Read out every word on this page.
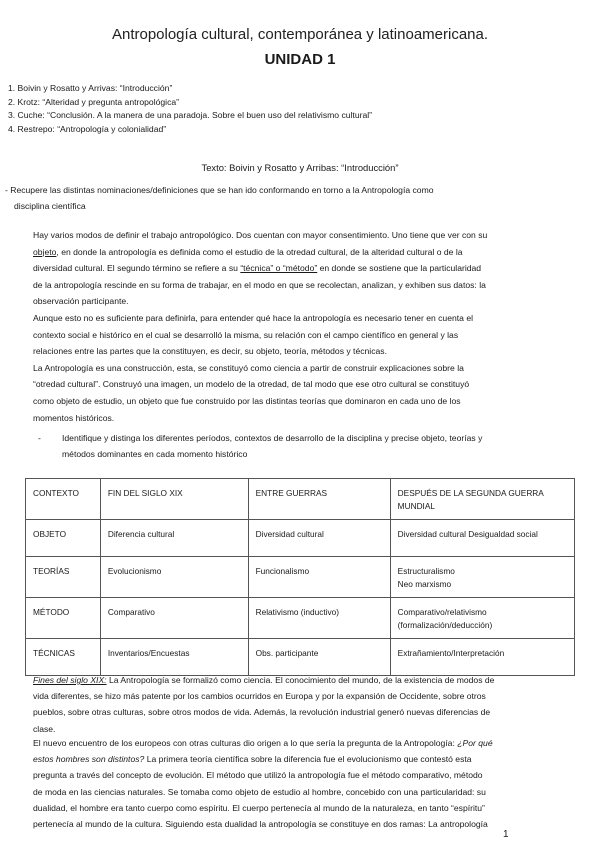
Antropología cultural, contemporánea y latinoamericana.
UNIDAD 1
1. Boivin y Rosatto y Arrivas: “Introducción”
2. Krotz: “Alteridad y pregunta antropológica”
3. Cuche: “Conclusión. A la manera de una paradoja. Sobre el buen uso del relativismo cultural”
4. Restrepo: “Antropología y colonialidad”
Texto: Boivin y Rosatto y Arribas: “Introducción”
- Recupere las distintas nominaciones/definiciones que se han ido conformando en torno a la Antropología como
disciplina científica
Hay varios modos de definir el trabajo antropológico. Dos cuentan con mayor consentimiento. Uno tiene que ver con su
objeto, en donde la antropología es definida como el estudio de la otredad cultural, de la alteridad cultural o de la
diversidad cultural. El segundo término se refiere a su “técnica” o “método” en donde se sostiene que la particularidad
de la antropología rescinde en su forma de trabajar, en el modo en que se recolectan, analizan, y exhiben sus datos: la
observación participante.
Aunque esto no es suficiente para definirla, para entender qué hace la antropología es necesario tener en cuenta el
contexto social e histórico en el cual se desarrolló la misma, su relación con el campo científico en general y las
relaciones entre las partes que la constituyen, es decir, su objeto, teoría, métodos y técnicas.
La Antropología es una construcción, esta, se constituyó como ciencia a partir de construir explicaciones sobre la
“otredad cultural”. Construyó una imagen, un modelo de la otredad, de tal modo que ese otro cultural se constituyó
como objeto de estudio, un objeto que fue construido por las distintas teorías que dominaron en cada uno de los
momentos históricos.
- Identifique y distinga los diferentes períodos, contextos de desarrollo de la disciplina y precise objeto, teorías y
métodos dominantes en cada momento histórico
CONTEXTO	FIN DEL SIGLO XIX	ENTRE GUERRAS	DESPUÉS DE LA SEGUNDA GUERRA MUNDIAL
OBJETO	Diferencia cultural	Diversidad cultural	Diversidad cultural Desigualdad social
TEORÍAS	Evolucionismo	Funcionalismo	Estructuralismo
Neo marxismo
MÉTODO	Comparativo	Relativismo (inductivo)	Comparativo/relativismo (formalización/deducción)
TÉCNICAS	Inventarios/Encuestas	Obs. participante	Extrañamiento/Interpretación
Fines del siglo XIX: La Antropología se formalizó como ciencia. El conocimiento del mundo, de la existencia de modos de
vida diferentes, se hizo más patente por los cambios ocurridos en Europa y por la expansión de Occidente, sobre otros
pueblos, sobre otras culturas, sobre otros modos de vida. Además, la revolución industrial generó nuevas diferencias de
clase.
El nuevo encuentro de los europeos con otras culturas dio origen a lo que sería la pregunta de la Antropología: ¿Por qué
estos hombres son distintos? La primera teoría científica sobre la diferencia fue el evolucionismo que contestó esta
pregunta a través del concepto de evolución. El método que utilizó la antropología fue el método comparativo, método
de moda en las ciencias naturales. Se tomaba como objeto de estudio al hombre, concebido con una particularidad: su
dualidad, el hombre era tanto cuerpo como espíritu. El cuerpo pertenecía al mundo de la naturaleza, en tanto “espíritu”
pertenecía al mundo de la cultura. Siguiendo esta dualidad la antropología se constituye en dos ramas: La antropología
1
